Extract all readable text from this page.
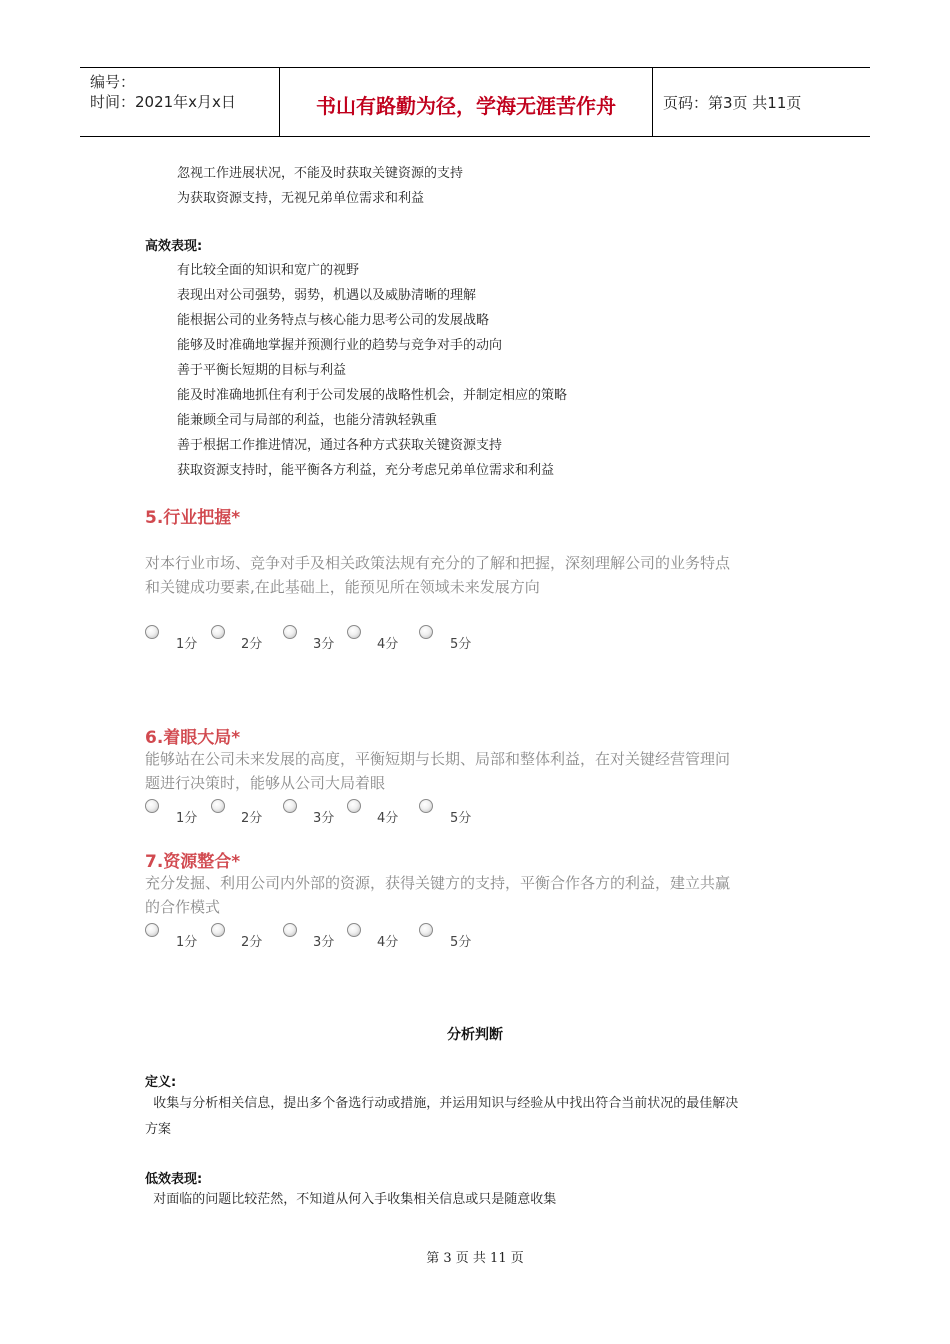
编号：
时间：2021年x月x日	书山有路勤为径，学海无涯苦作舟	页码：第3页 共11页
忽视工作进展状况，不能及时获取关键资源的支持
为获取资源支持，无视兄弟单位需求和利益
高效表现:
有比较全面的知识和宽广的视野
表现出对公司强势，弱势，机遇以及威胁清晰的理解
能根据公司的业务特点与核心能力思考公司的发展战略
能够及时准确地掌握并预测行业的趋势与竞争对手的动向
善于平衡长短期的目标与利益
能及时准确地抓住有利于公司发展的战略性机会，并制定相应的策略
能兼顾全司与局部的利益，也能分清孰轻孰重
善于根据工作推进情况，通过各种方式获取关键资源支持
获取资源支持时，能平衡各方利益，充分考虑兄弟单位需求和利益
5.行业把握*
对本行业市场、竞争对手及相关政策法规有充分的了解和把握，深刻理解公司的业务特点
和关键成功要素,在此基础上，能预见所在领域未来发展方向
1分	2分	3分	4分	5分
6.着眼大局*
能够站在公司未来发展的高度，平衡短期与长期、局部和整体利益，在对关键经营管理问
题进行决策时，能够从公司大局着眼
1分	2分	3分	4分	5分
7.资源整合*
充分发掘、利用公司内外部的资源，获得关键方的支持，平衡合作各方的利益，建立共赢
的合作模式
1分	2分	3分	4分	5分
分析判断
定义:
收集与分析相关信息，提出多个备选行动或措施，并运用知识与经验从中找出符合当前状况的最佳解决
方案
低效表现:
对面临的问题比较茫然，不知道从何入手收集相关信息或只是随意收集
第 3 页 共 11 页
